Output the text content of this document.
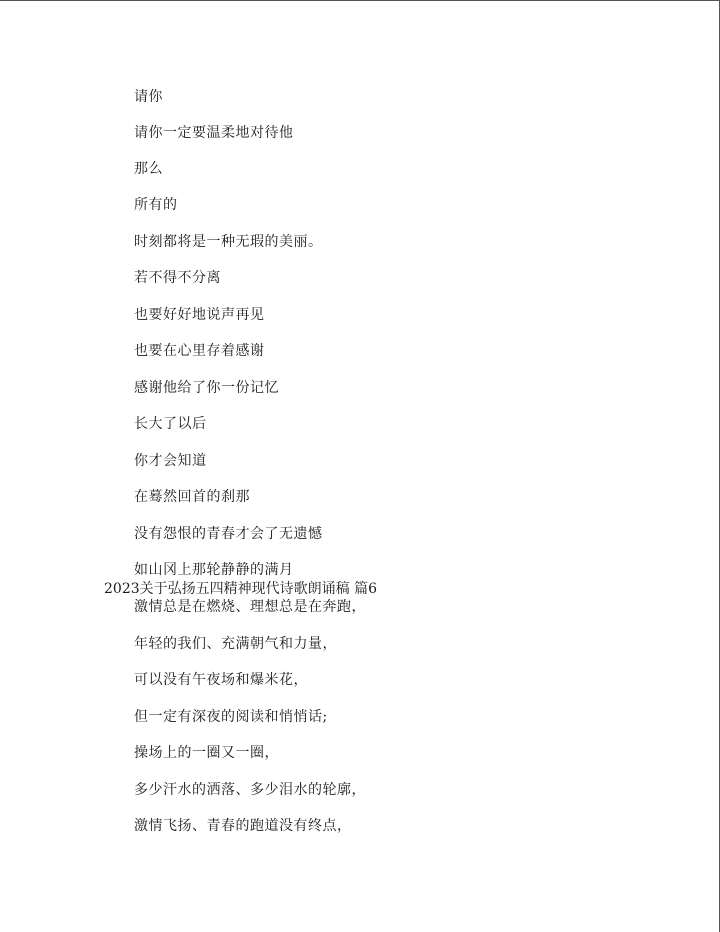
请你
请你一定要温柔地对待他
那么
所有的
时刻都将是一种无瑕的美丽。
若不得不分离
也要好好地说声再见
也要在心里存着感谢
感谢他给了你一份记忆
长大了以后
你才会知道
在蓦然回首的刹那
没有怨恨的青春才会了无遗憾
如山冈上那轮静静的满月
2023关于弘扬五四精神现代诗歌朗诵稿 篇6
激情总是在燃烧、理想总是在奔跑，
年轻的我们、充满朝气和力量，
可以没有午夜场和爆米花，
但一定有深夜的阅读和悄悄话;
操场上的一圈又一圈，
多少汗水的洒落、多少泪水的轮廓，
激情飞扬、青春的跑道没有终点，
